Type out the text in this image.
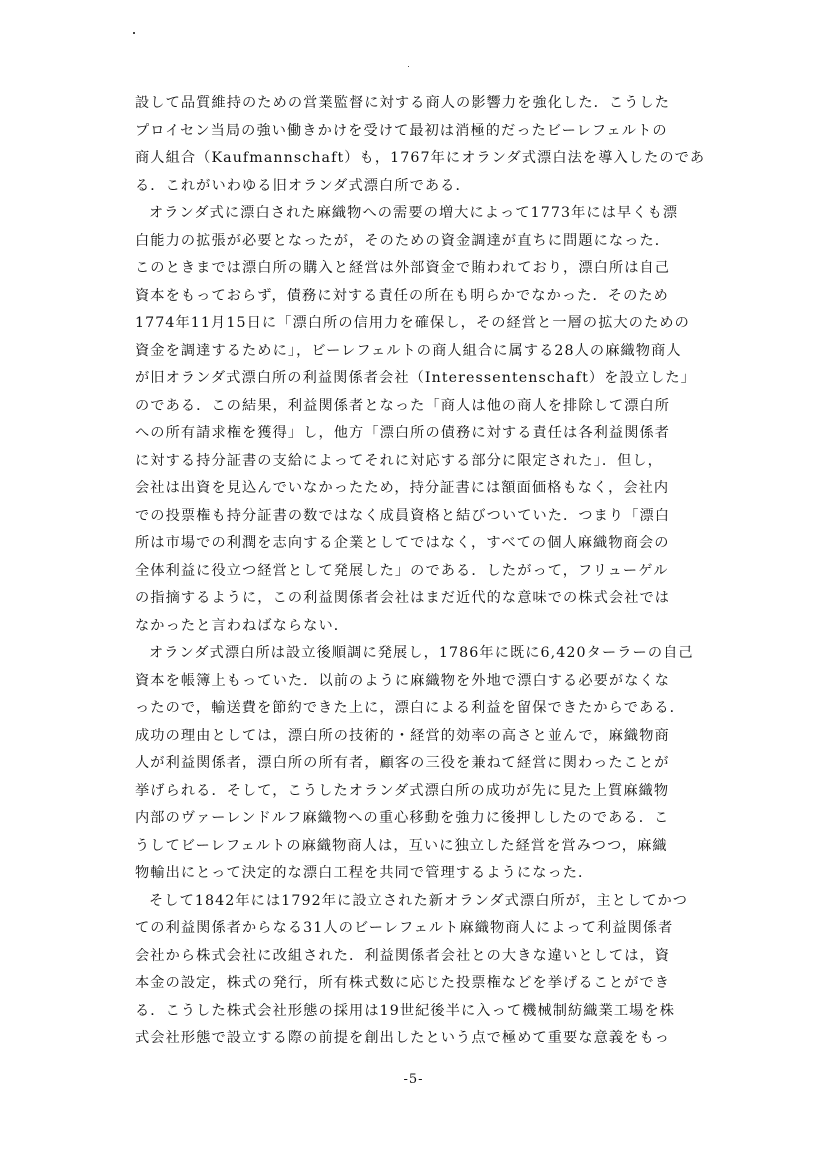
設して品質維持のための営業監督に対する商人の影響力を強化した．こうした
プロイセン当局の強い働きかけを受けて最初は消極的だったビーレフェルトの
商人組合（Kaufmannschaft）も，1767年にオランダ式漂白法を導入したのであ
る．これがいわゆる旧オランダ式漂白所である．
オランダ式に漂白された麻織物への需要の増大によって1773年には早くも漂
白能力の拡張が必要となったが，そのための資金調達が直ちに問題になった．
このときまでは漂白所の購入と経営は外部資金で賄われており，漂白所は自己
資本をもっておらず，債務に対する責任の所在も明らかでなかった．そのため
1774年11月15日に「漂白所の信用力を確保し，その経営と一層の拡大のための
資金を調達するために」，ビーレフェルトの商人組合に属する28人の麻織物商人
が旧オランダ式漂白所の利益関係者会社（Interessentenschaft）を設立した」
のである．この結果，利益関係者となった「商人は他の商人を排除して漂白所
への所有請求権を獲得」し，他方「漂白所の債務に対する責任は各利益関係者
に対する持分証書の支給によってそれに対応する部分に限定された」．但し，
会社は出資を見込んでいなかったため，持分証書には額面価格もなく，会社内
での投票権も持分証書の数ではなく成員資格と結びついていた．つまり「漂白
所は市場での利潤を志向する企業としてではなく，すべての個人麻織物商会の
全体利益に役立つ経営として発展した」のである．したがって，フリューゲル
の指摘するように，この利益関係者会社はまだ近代的な意味での株式会社では
なかったと言わねばならない．
オランダ式漂白所は設立後順調に発展し，1786年に既に6,420ターラーの自己
資本を帳簿上もっていた．以前のように麻織物を外地で漂白する必要がなくな
ったので，輸送費を節約できた上に，漂白による利益を留保できたからである．
成功の理由としては，漂白所の技術的・経営的効率の高さと並んで，麻織物商
人が利益関係者，漂白所の所有者，顧客の三役を兼ねて経営に関わったことが
挙げられる．そして，こうしたオランダ式漂白所の成功が先に見た上質麻織物
内部のヴァーレンドルフ麻織物への重心移動を強力に後押ししたのである．こ
うしてビーレフェルトの麻織物商人は，互いに独立した経営を営みつつ，麻織
物輸出にとって決定的な漂白工程を共同で管理するようになった．
そして1842年には1792年に設立された新オランダ式漂白所が，主としてかつ
ての利益関係者からなる31人のビーレフェルト麻織物商人によって利益関係者
会社から株式会社に改組された．利益関係者会社との大きな違いとしては，資
本金の設定，株式の発行，所有株式数に応じた投票権などを挙げることができ
る．こうした株式会社形態の採用は19世紀後半に入って機械制紡織業工場を株
式会社形態で設立する際の前提を創出したという点で極めて重要な意義をもっ
-5-
